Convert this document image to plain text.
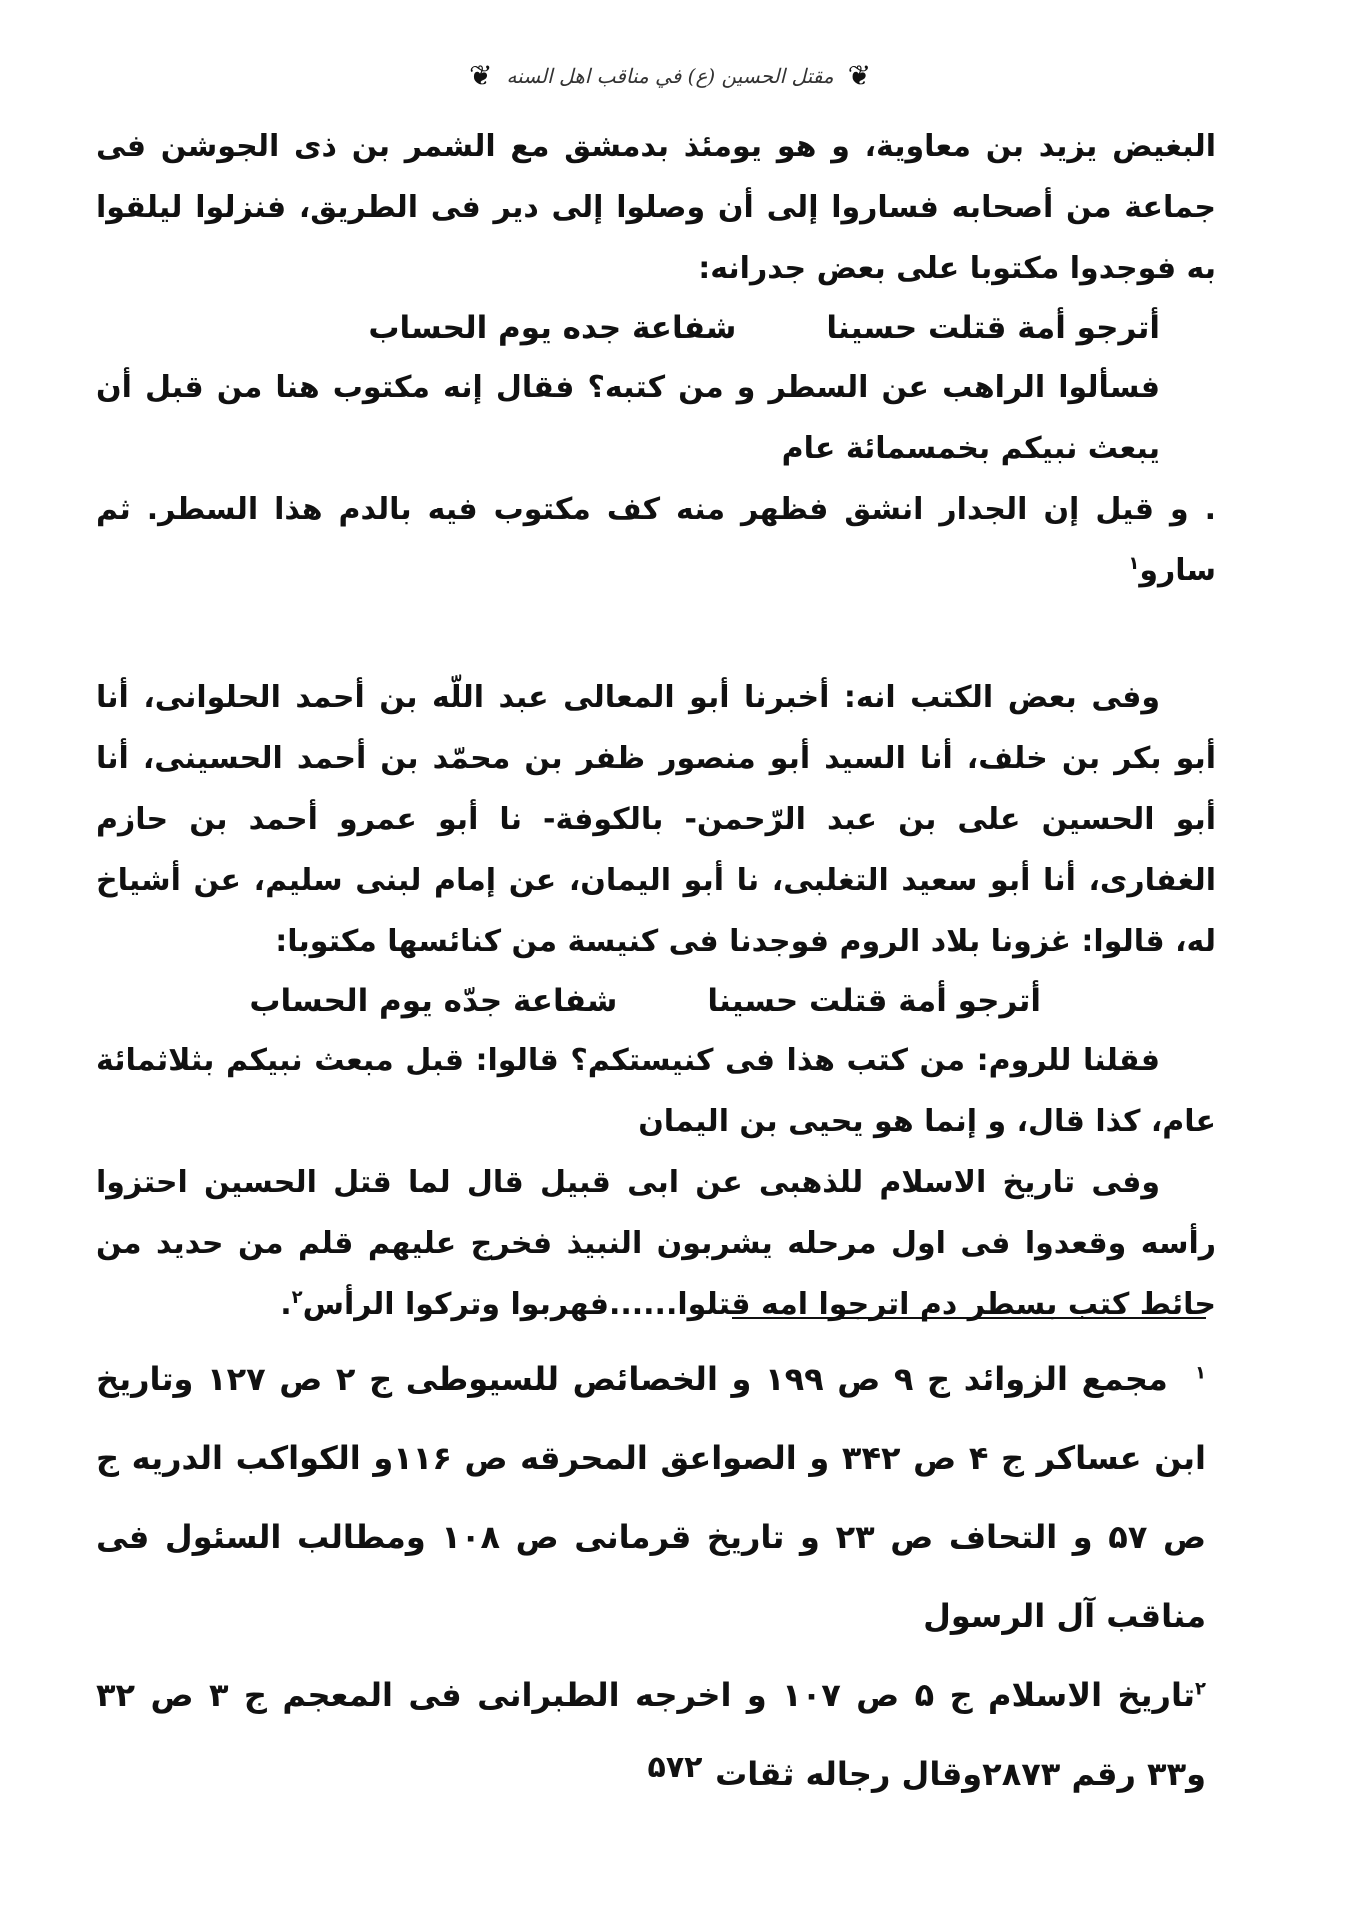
❦
مقتل الحسين (ع) في مناقب اهل السنه
❦

البغيض يزيد بن معاوية، و هو يومئذ بدمشق مع الشمر بن ذى الجوشن فى جماعة من أصحابه فساروا إلى أن وصلوا إلى دير فى الطريق، فنزلوا ليلقوا به فوجدوا مكتوبا على بعض جدرانه:

أترجو أمة قتلت حسينا
شفاعة جده يوم الحساب

فسألوا الراهب عن السطر و من كتبه؟ فقال إنه مكتوب هنا من قبل أن يبعث نبيكم بخمسمائة عام

. و قيل إن الجدار انشق فظهر منه كف مكتوب فيه بالدم هذا السطر. ثم سارو$^١$

وفى بعض الكتب انه: أخبرنا أبو المعالى عبد اللّه بن أحمد الحلوانى، أنا أبو بكر بن خلف، أنا السيد أبو منصور ظفر بن محمّد بن أحمد الحسينى، أنا أبو الحسين على بن عبد الرّحمن- بالكوفة- نا أبو عمرو أحمد بن حازم الغفارى، أنا أبو سعيد التغلبى، نا أبو اليمان، عن إمام لبنى سليم، عن أشياخ له، قالوا: غزونا بلاد الروم فوجدنا فى كنيسة من كنائسها مكتوبا:

أترجو أمة قتلت حسينا
شفاعة جدّه يوم الحساب

فقلنا للروم: من كتب هذا فى كنيستكم؟ قالوا: قبل مبعث نبيكم بثلاثمائة عام، كذا قال، و إنما هو يحيى بن اليمان

وفى تاريخ الاسلام للذهبى عن ابى قبيل قال لما قتل الحسين احتزوا رأسه وقعدوا فى اول مرحله يشربون النبيذ فخرج عليهم قلم من حديد من حائط كتب بسطر دم اترجوا امه قتلوا......فهربوا وتركوا الرأس$^٢$.

$^١$  مجمع الزوائد ج ٩ ص ١٩٩ و الخصائص للسيوطى ج ٢ ص ١٢٧ وتاريخ ابن عساكر ج ۴ ص ٣۴٢ و الصواعق المحرقه ص ١١۶و الكواكب الدريه ج ص ۵٧ و التحاف ص ٢٣ و تاريخ قرمانى ص ١٠٨ ومطالب السئول فى مناقب آل الرسول

$^٢$تاريخ الاسلام ج ۵ ص ١٠٧ و اخرجه الطبرانى فى المعجم ج ٣ ص ٣٢ و٣٣ رقم ٢٨٧٣وقال رجاله ثقات

۵٧٢
